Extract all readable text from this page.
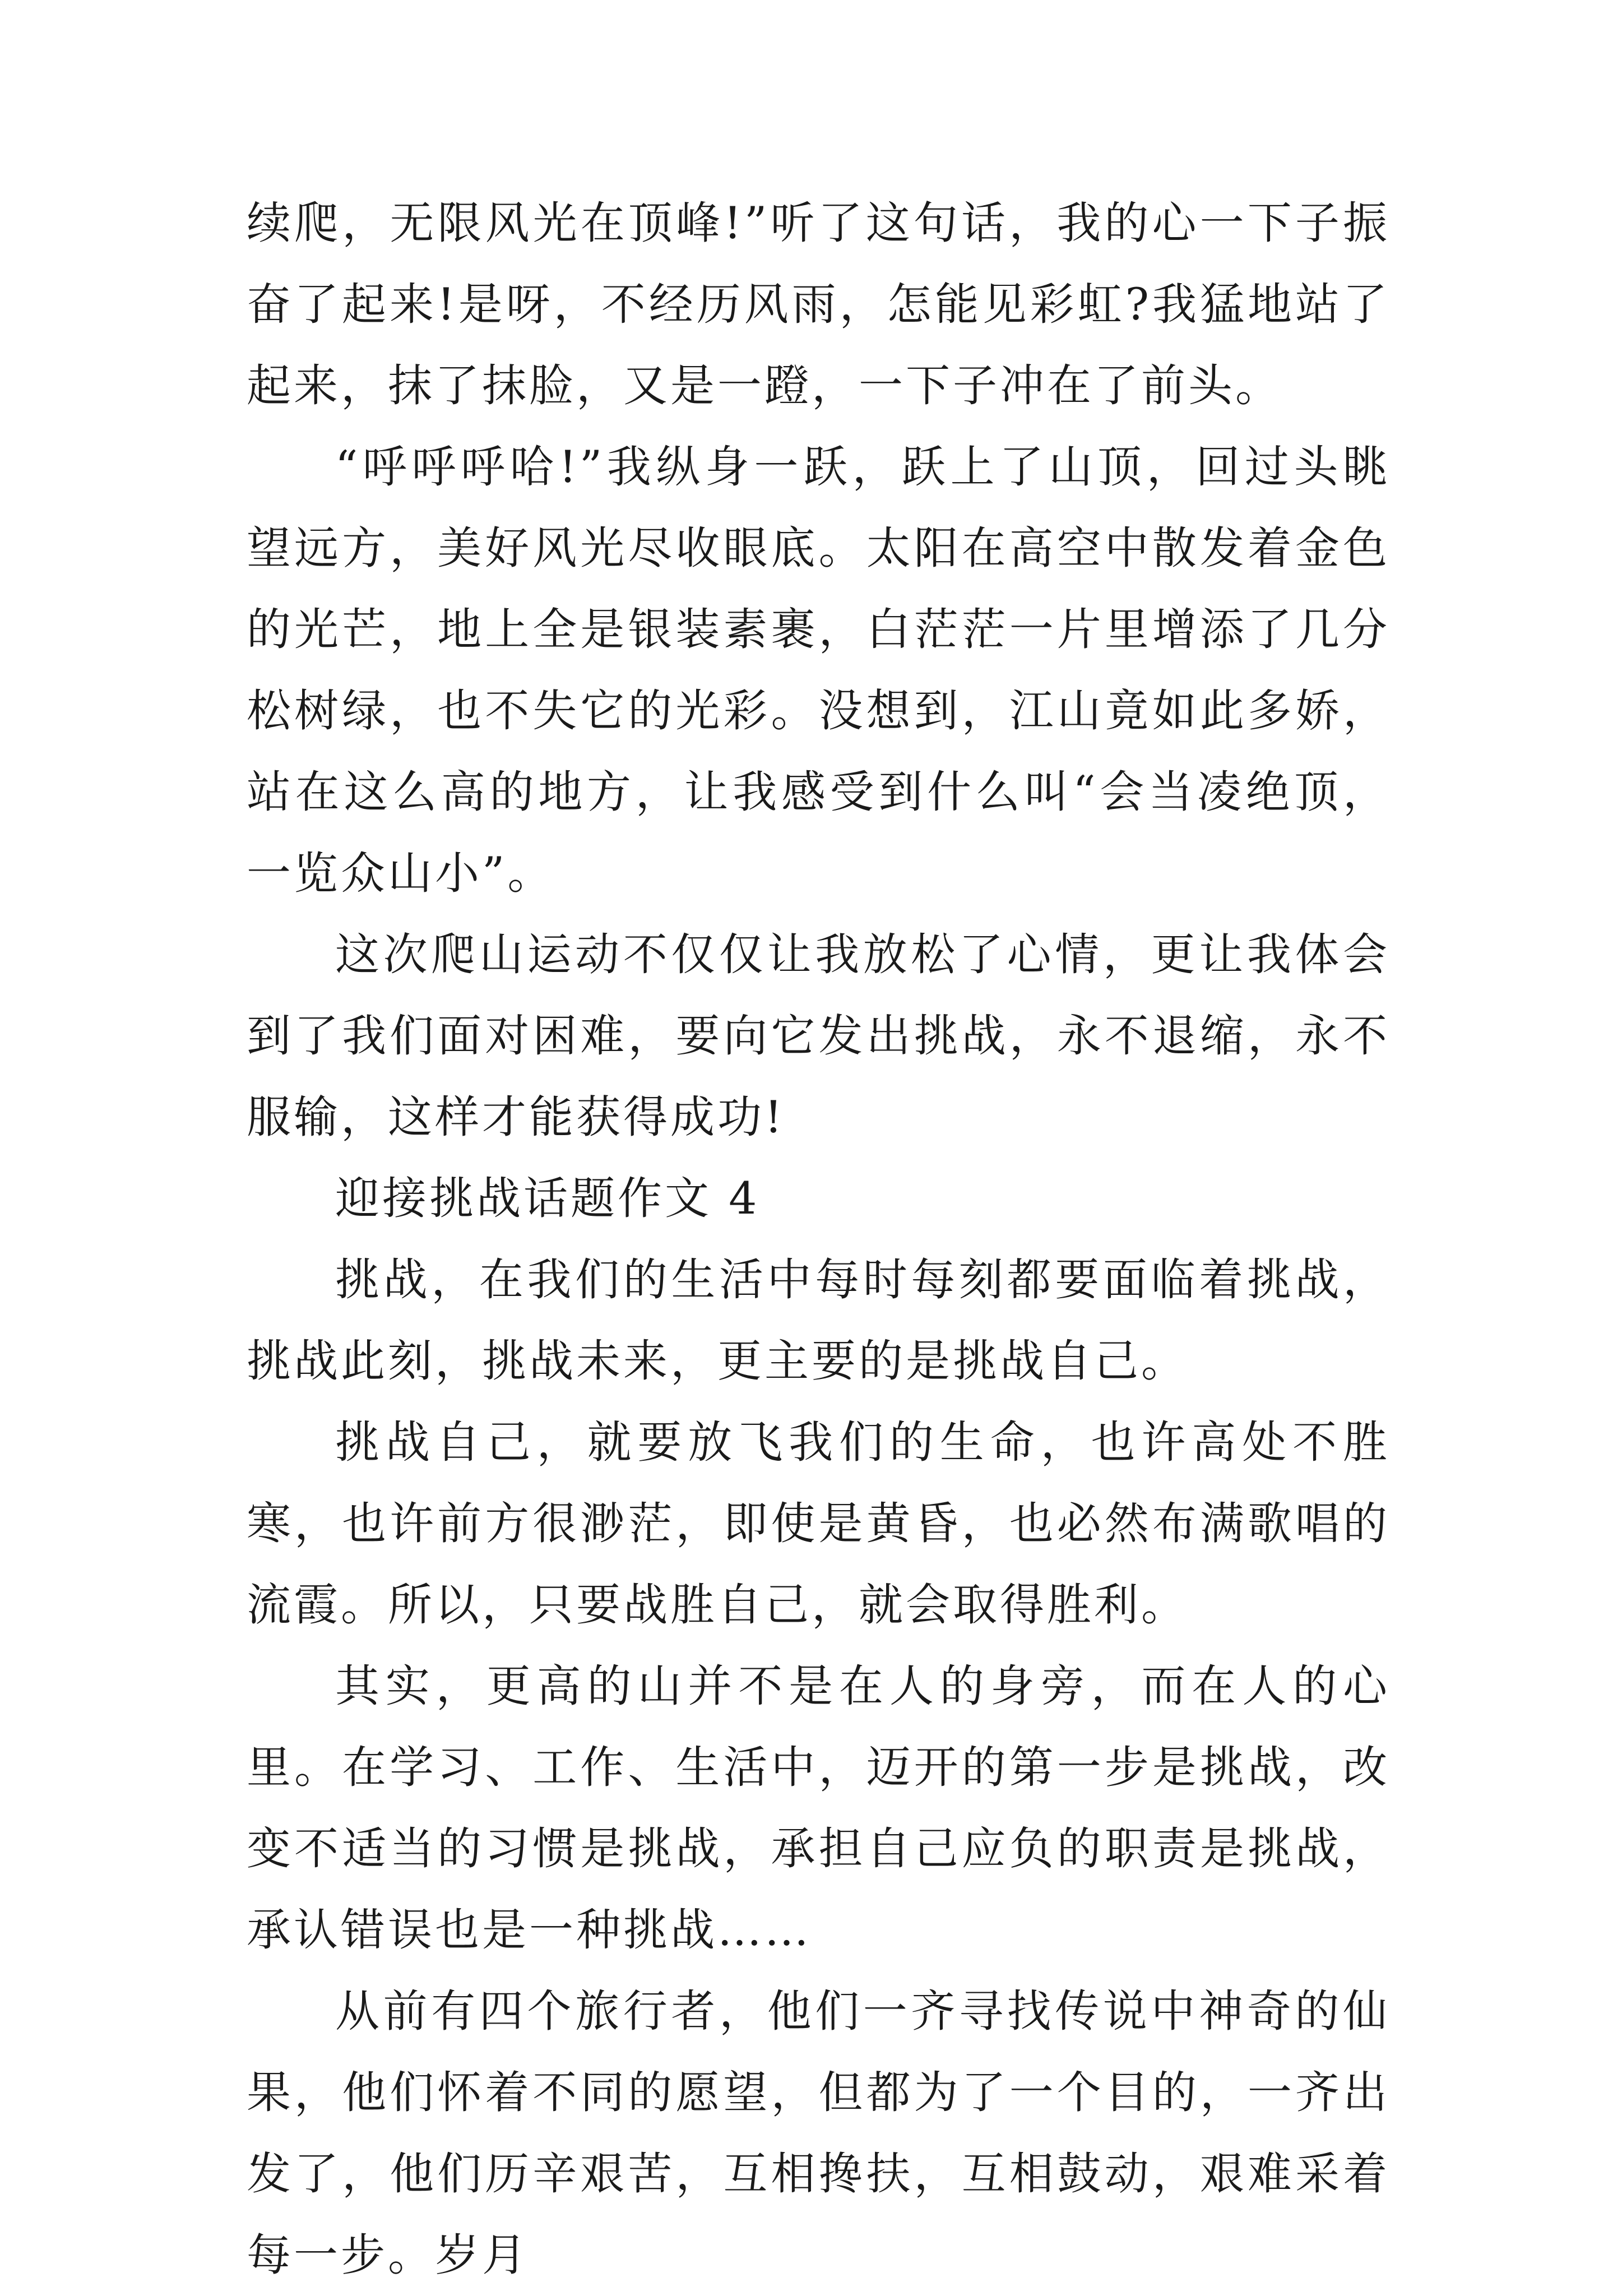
续爬，无限风光在顶峰!”听了这句话，我的心一下子振奋了起来!是呀，不经历风雨，怎能见彩虹?我猛地站了起来，抹了抹脸，又是一蹬，一下子冲在了前头。

“呼呼呼哈!”我纵身一跃，跃上了山顶，回过头眺望远方，美好风光尽收眼底。太阳在高空中散发着金色的光芒，地上全是银装素裹，白茫茫一片里增添了几分松树绿，也不失它的光彩。没想到，江山竟如此多娇，站在这么高的地方，让我感受到什么叫“会当凌绝顶，一览众山小”。

这次爬山运动不仅仅让我放松了心情，更让我体会到了我们面对困难，要向它发出挑战，永不退缩，永不服输，这样才能获得成功!

迎接挑战话题作文 4

挑战，在我们的生活中每时每刻都要面临着挑战，挑战此刻，挑战未来，更主要的是挑战自己。

挑战自己，就要放飞我们的生命，也许高处不胜寒，也许前方很渺茫，即使是黄昏，也必然布满歌唱的流霞。所以，只要战胜自己，就会取得胜利。

其实，更高的山并不是在人的身旁，而在人的心里。在学习、工作、生活中，迈开的第一步是挑战，改变不适当的习惯是挑战，承担自己应负的职责是挑战，承认错误也是一种挑战……

从前有四个旅行者，他们一齐寻找传说中神奇的仙果，他们怀着不同的愿望，但都为了一个目的，一齐出发了，他们历辛艰苦，互相搀扶，互相鼓动，艰难采着每一步。岁月
